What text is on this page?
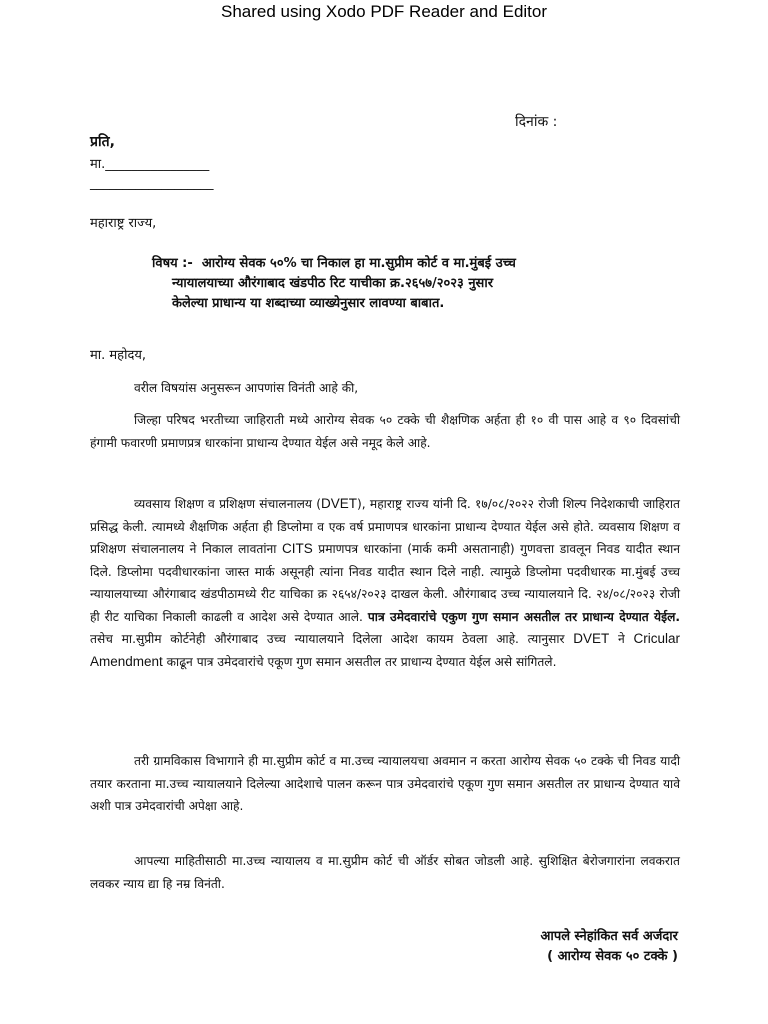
Shared using Xodo PDF Reader and Editor
दिनांक :
प्रति,
मा.________________
___________________
महाराष्ट्र राज्य,
विषय :- आरोग्य सेवक ५०% चा निकाल हा मा.सुप्रीम कोर्ट व मा.मुंबई उच्च
न्यायालयाच्या औरंगाबाद खंडपीठ रिट याचीका क्र.२६५७/२०२३ नुसार
केलेल्या प्राधान्य या शब्दाच्या व्याख्येनुसार लावण्या बाबात.
मा. महोदय,
वरील विषयांस अनुसरून आपणांस विनंती आहे की,
जिल्हा परिषद भरतीच्या जाहिराती मध्ये आरोग्य सेवक ५० टक्के ची शैक्षणिक अर्हता ही १० वी पास आहे व ९० दिवसांची हंगामी फवारणी प्रमाणप्रत्र धारकांना प्राधान्य देण्यात येईल असे नमूद केले आहे.
व्यवसाय शिक्षण व प्रशिक्षण संचालनालय (DVET), महाराष्ट्र राज्य यांनी दि. १७/०८/२०२२ रोजी शिल्प निदेशकाची जाहिरात प्रसिद्ध केली. त्यामध्ये शैक्षणिक अर्हता ही डिप्लोमा व एक वर्ष प्रमाणपत्र धारकांना प्राधान्य देण्यात येईल असे होते. व्यवसाय शिक्षण व प्रशिक्षण संचालनालय ने निकाल लावतांना CITS प्रमाणपत्र धारकांना (मार्क कमी असतानाही) गुणवत्ता डावलून निवड यादीत स्थान दिले. डिप्लोमा पदवीधारकांना जास्त मार्क असूनही त्यांना निवड यादीत स्थान दिले नाही. त्यामुळे डिप्लोमा पदवीधारक मा.मुंबई उच्च न्यायालयाच्या औरंगाबाद खंडपीठामध्ये रीट याचिका क्र २६५४/२०२३ दाखल केली. औरंगाबाद उच्च न्यायालयाने दि. २४/०८/२०२३ रोजी ही रीट याचिका निकाली काढली व आदेश असे देण्यात आले. पात्र उमेदवारांचे एकुण गुण समान असतील तर प्राधान्य देण्यात येईल. तसेच मा.सुप्रीम कोर्टनेही औरंगाबाद उच्च न्यायालयाने दिलेला आदेश कायम ठेवला आहे. त्यानुसार DVET ने Cricular Amendment काढून पात्र उमेदवारांचे एकूण गुण समान असतील तर प्राधान्य देण्यात येईल असे सांगितले.
तरी ग्रामविकास विभागाने ही मा.सुप्रीम कोर्ट व मा.उच्च न्यायालयचा अवमान न करता आरोग्य सेवक ५० टक्के ची निवड यादी तयार करताना मा.उच्च न्यायालयाने दिलेल्या आदेशाचे पालन करून पात्र उमेदवारांचे एकूण गुण समान असतील तर प्राधान्य देण्यात यावे अशी पात्र उमेदवारांची अपेक्षा आहे.
आपल्या माहितीसाठी मा.उच्च न्यायालय व मा.सुप्रीम कोर्ट ची ऑर्डर सोबत जोडली आहे. सुशिक्षित बेरोजगारांना लवकरात लवकर न्याय द्या हि नम्र विनंती.
आपले स्नेहांकित सर्व अर्जदार
( आरोग्य सेवक ५० टक्के )
